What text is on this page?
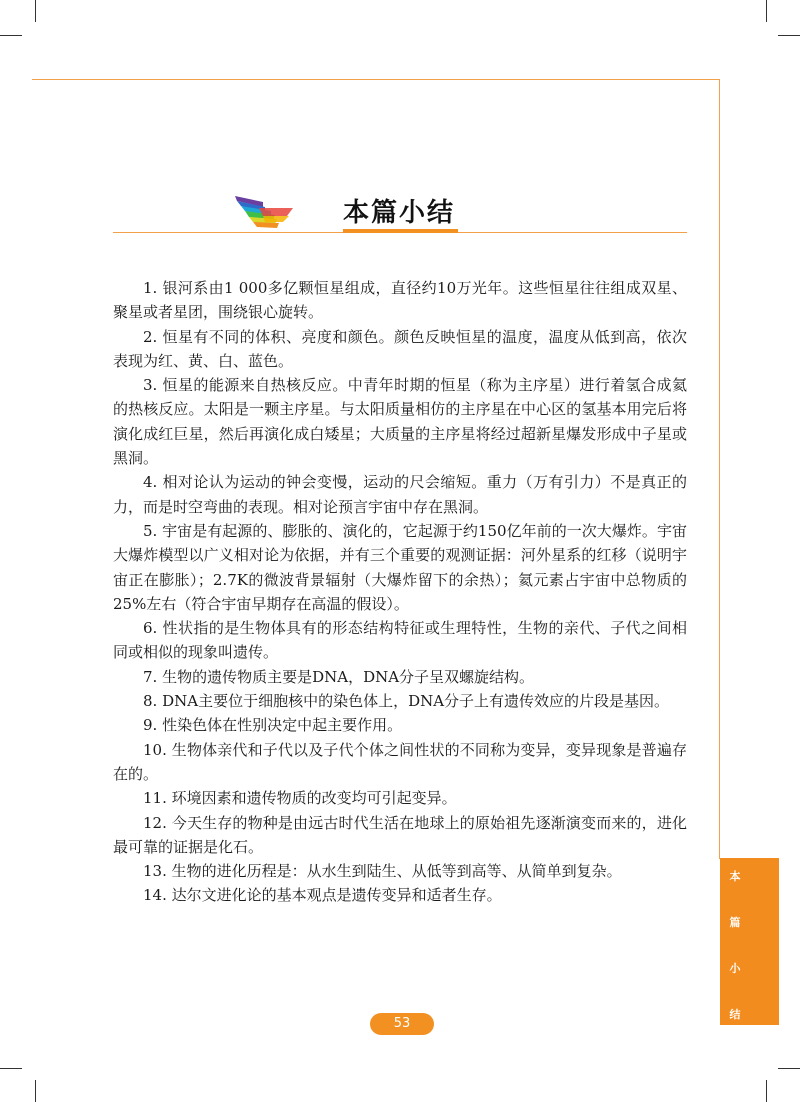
本篇小结

1. 银河系由1 000多亿颗恒星组成，直径约10万光年。这些恒星往往组成双星、聚星或者星团，围绕银心旋转。

2. 恒星有不同的体积、亮度和颜色。颜色反映恒星的温度，温度从低到高，依次表现为红、黄、白、蓝色。

3. 恒星的能源来自热核反应。中青年时期的恒星（称为主序星）进行着氢合成氦的热核反应。太阳是一颗主序星。与太阳质量相仿的主序星在中心区的氢基本用完后将演化成红巨星，然后再演化成白矮星；大质量的主序星将经过超新星爆发形成中子星或黑洞。

4. 相对论认为运动的钟会变慢，运动的尺会缩短。重力（万有引力）不是真正的力，而是时空弯曲的表现。相对论预言宇宙中存在黑洞。

5. 宇宙是有起源的、膨胀的、演化的，它起源于约150亿年前的一次大爆炸。宇宙大爆炸模型以广义相对论为依据，并有三个重要的观测证据：河外星系的红移（说明宇宙正在膨胀）；2.7K的微波背景辐射（大爆炸留下的余热）；氦元素占宇宙中总物质的25%左右（符合宇宙早期存在高温的假设）。

6. 性状指的是生物体具有的形态结构特征或生理特性，生物的亲代、子代之间相同或相似的现象叫遗传。

7. 生物的遗传物质主要是DNA，DNA分子呈双螺旋结构。

8. DNA主要位于细胞核中的染色体上，DNA分子上有遗传效应的片段是基因。

9. 性染色体在性别决定中起主要作用。

10. 生物体亲代和子代以及子代个体之间性状的不同称为变异，变异现象是普遍存在的。

11. 环境因素和遗传物质的改变均可引起变异。

12. 今天生存的物种是由远古时代生活在地球上的原始祖先逐渐演变而来的，进化最可靠的证据是化石。

13. 生物的进化历程是：从水生到陆生、从低等到高等、从简单到复杂。

14. 达尔文进化论的基本观点是遗传变异和适者生存。

本
篇
小
结
53
